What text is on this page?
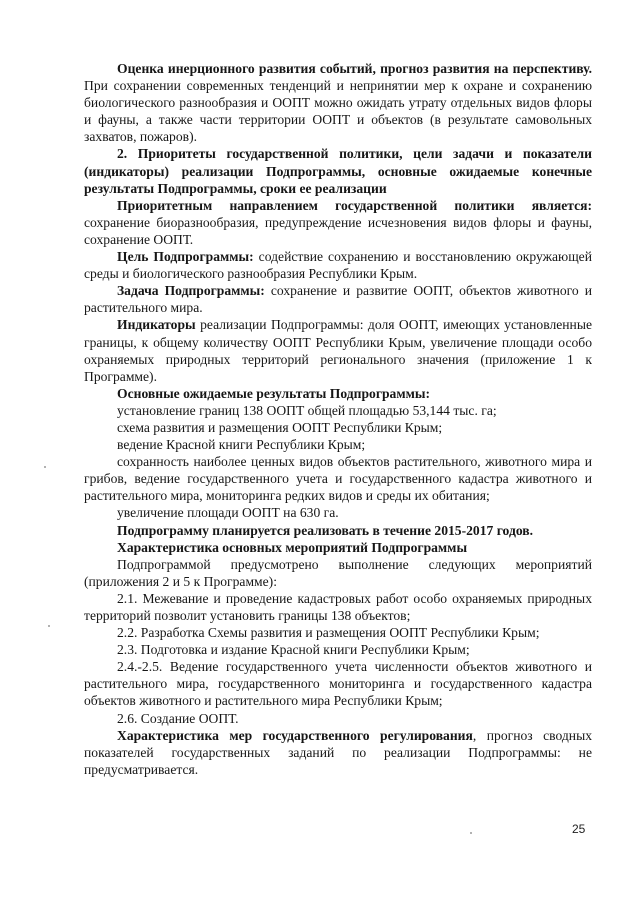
Оценка инерционного развития событий, прогноз развития на перспективу. При сохранении современных тенденций и непринятии мер к охране и сохранению биологического разнообразия и ООПТ можно ожидать утрату отдельных видов флоры и фауны, а также части территории ООПТ и объектов (в результате самовольных захватов, пожаров).

2. Приоритеты государственной политики, цели задачи и показатели (индикаторы) реализации Подпрограммы, основные ожидаемые конечные результаты Подпрограммы, сроки ее реализации

Приоритетным направлением государственной политики является: сохранение биоразнообразия, предупреждение исчезновения видов флоры и фауны, сохранение ООПТ.

Цель Подпрограммы: содействие сохранению и восстановлению окружающей среды и биологического разнообразия Республики Крым.

Задача Подпрограммы: сохранение и развитие ООПТ, объектов животного и растительного мира.

Индикаторы реализации Подпрограммы: доля ООПТ, имеющих установленные границы, к общему количеству ООПТ Республики Крым, увеличение площади особо охраняемых природных территорий регионального значения (приложение 1 к Программе).

Основные ожидаемые результаты Подпрограммы:

установление границ 138 ООПТ общей площадью 53,144 тыс. га;

схема развития и размещения ООПТ Республики Крым;

ведение Красной книги Республики Крым;

сохранность наиболее ценных видов объектов растительного, животного мира и грибов, ведение государственного учета и государственного кадастра животного и растительного мира, мониторинга редких видов и среды их обитания;

увеличение площади ООПТ на 630 га.

Подпрограмму планируется реализовать в течение 2015-2017 годов.

Характеристика основных мероприятий Подпрограммы

Подпрограммой предусмотрено выполнение следующих мероприятий (приложения 2 и 5 к Программе):

2.1. Межевание и проведение кадастровых работ особо охраняемых природных территорий позволит установить границы 138 объектов;

2.2. Разработка Схемы развития и размещения ООПТ Республики Крым;

2.3. Подготовка и издание Красной книги Республики Крым;

2.4.-2.5. Ведение государственного учета численности объектов животного и растительного мира, государственного мониторинга и государственного кадастра объектов животного и растительного мира Республики Крым;

2.6. Создание ООПТ.

Характеристика мер государственного регулирования, прогноз сводных показателей государственных заданий по реализации Подпрограммы: не предусматривается.

25
